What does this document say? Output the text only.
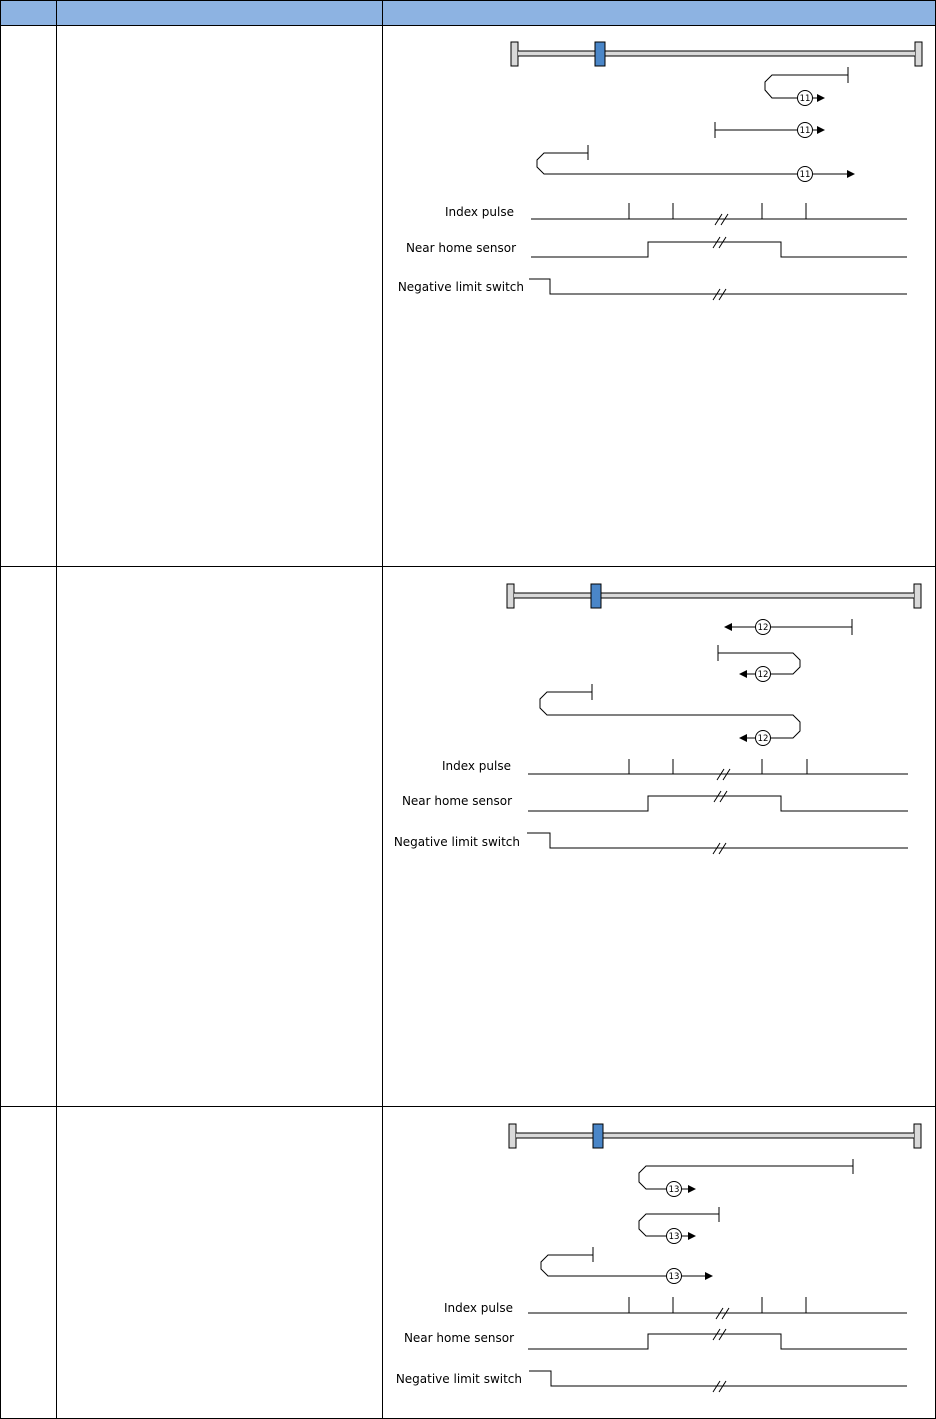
11
11
11
Index pulse
Near home sensor
Negative limit switch
12
12
12
Index pulse
Near home sensor
Negative limit switch
13
13
13
Index pulse
Near home sensor
Negative limit switch
